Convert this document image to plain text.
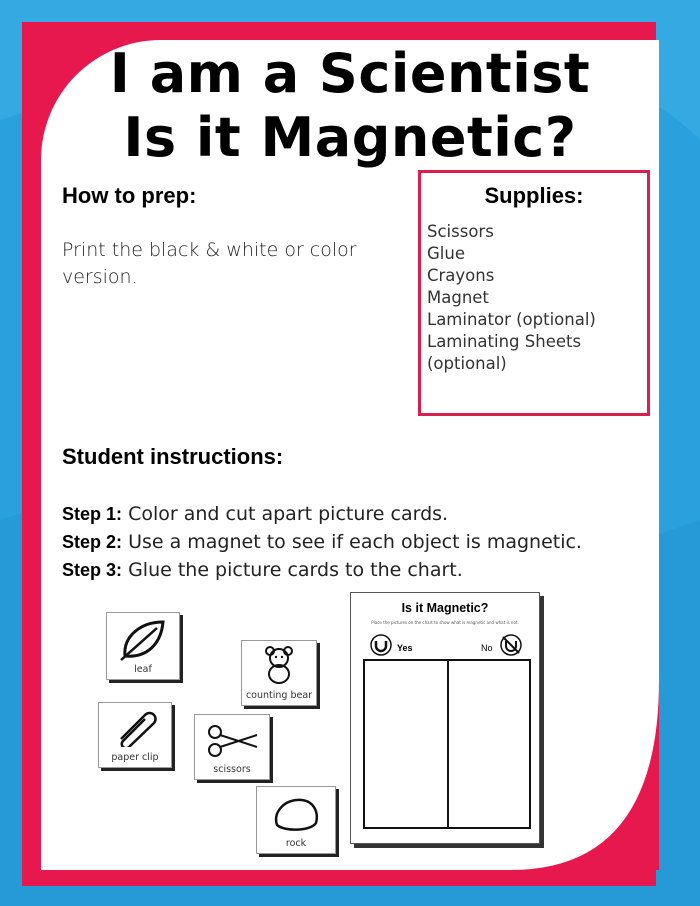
I am a Scientist
Is it Magnetic?
How to prep:
Print the black & white or color
version.
Supplies:
Scissors
Glue
Crayons
Magnet
Laminator (optional)
Laminating Sheets
(optional)
Student instructions:
Step 1: Color and cut apart picture cards.
Step 2: Use a magnet to see if each object is magnetic.
Step 3: Glue the picture cards to the chart.
leaf
counting bear
paper clip
scissors
rock
Is it Magnetic?
Place the pictures on the chart to show what is magnetic and what is not.
Yes	No
